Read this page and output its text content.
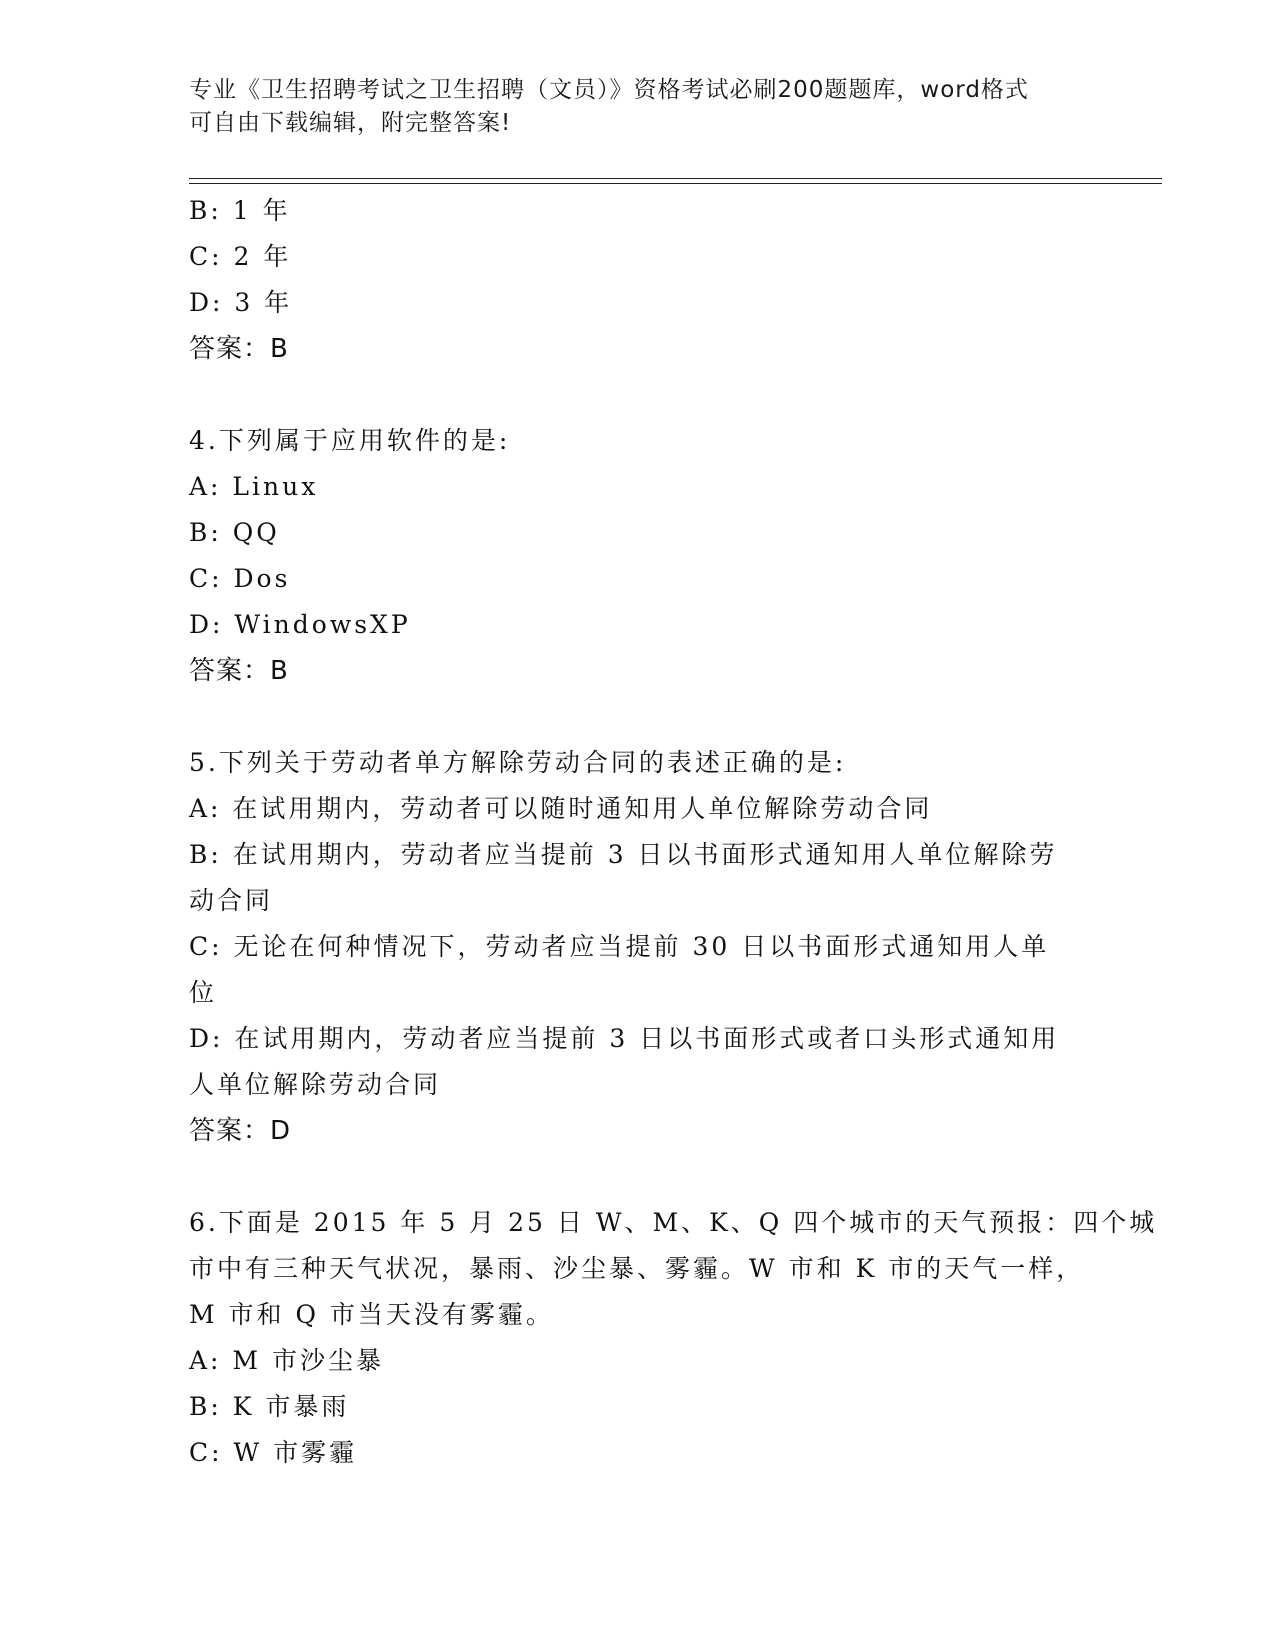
专业《卫生招聘考试之卫生招聘（文员）》资格考试必刷200题题库，word格式
可自由下载编辑，附完整答案!
B: 1 年
C: 2 年
D: 3 年
答案：B
4.下列属于应用软件的是:
A: Linux
B: QQ
C: Dos
D: WindowsXP
答案：B
5.下列关于劳动者单方解除劳动合同的表述正确的是:
A: 在试用期内，劳动者可以随时通知用人单位解除劳动合同
B: 在试用期内，劳动者应当提前 3 日以书面形式通知用人单位解除劳
动合同
C: 无论在何种情况下，劳动者应当提前 30 日以书面形式通知用人单
位
D: 在试用期内，劳动者应当提前 3 日以书面形式或者口头形式通知用
人单位解除劳动合同
答案：D
6.下面是 2015 年 5 月 25 日 W、M、K、Q 四个城市的天气预报：四个城
市中有三种天气状况，暴雨、沙尘暴、雾霾。W 市和 K 市的天气一样，
M 市和 Q 市当天没有雾霾。
A: M 市沙尘暴
B: K 市暴雨
C: W 市雾霾
